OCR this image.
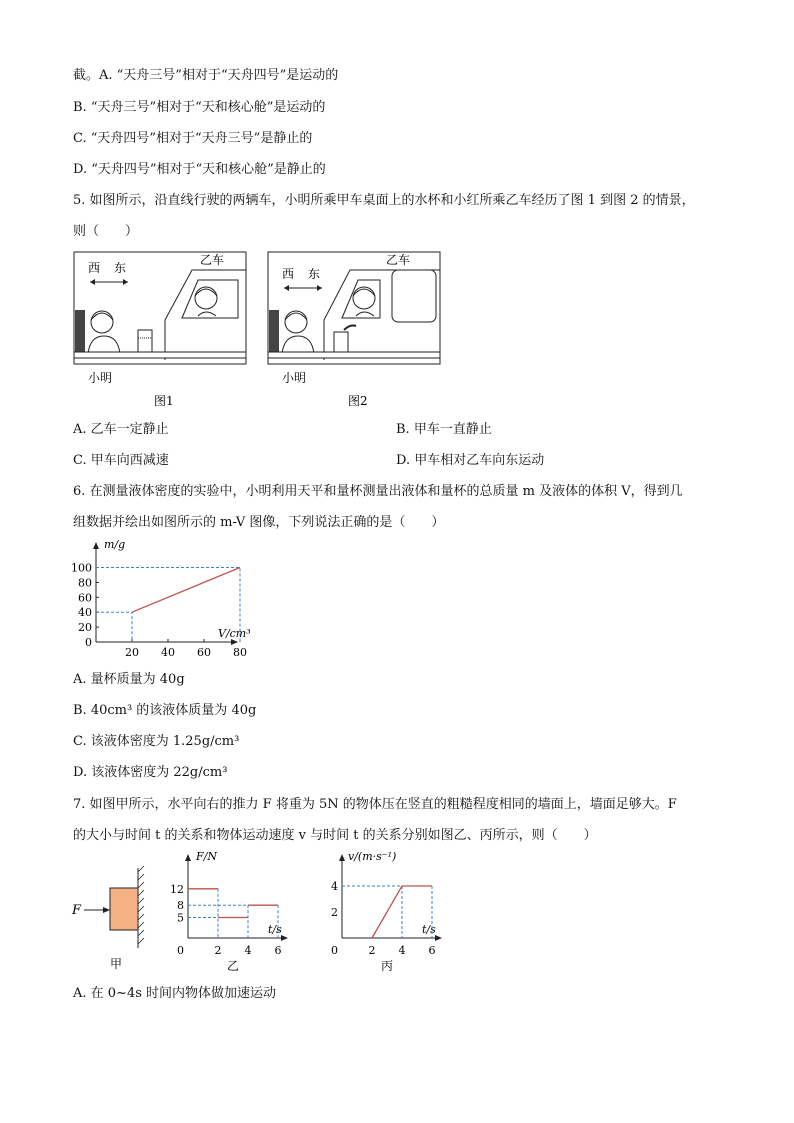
截。A. “天舟三号”相对于“天舟四号”是运动的
B. “天舟三号”相对于“天和核心舱”是运动的
C. “天舟四号”相对于“天舟三号”是静止的
D. “天舟四号”相对于“天和核心舱”是静止的
5. 如图所示，沿直线行驶的两辆车，小明所乘甲车桌面上的水杯和小红所乘乙车经历了图 1 到图 2 的情景，
则（　　）
西 东
乙车
小明
图1
西 东
乙车
小明
图2
A. 乙车一定静止	B. 甲车一直静止
C. 甲车向西减速	D. 甲车相对乙车向东运动
6. 在测量液体密度的实验中，小明利用天平和量杯测量出液体和量杯的总质量 m 及液体的体积 V，得到几
组数据并绘出如图所示的 m-V 图像，下列说法正确的是（　　）
m/g
V/cm³
0
20
40
60
80
100
20 40 60 80
A. 量杯质量为 40g
B. 40cm³ 的该液体质量为 40g
C. 该液体密度为 1.25g/cm³
D. 该液体密度为 22g/cm³
7. 如图甲所示，水平向右的推力 F 将重为 5N 的物体压在竖直的粗糙程度相同的墙面上，墙面足够大。F
的大小与时间 t 的关系和物体运动速度 v 与时间 t 的关系分别如图乙、丙所示，则（　　）
F
甲
F/N
t/s
0	2 4 6
5
8
12
乙
v/(m·s⁻¹)
t/s
0	2 4 6
2
4
丙
A. 在 0~4s 时间内物体做加速运动
